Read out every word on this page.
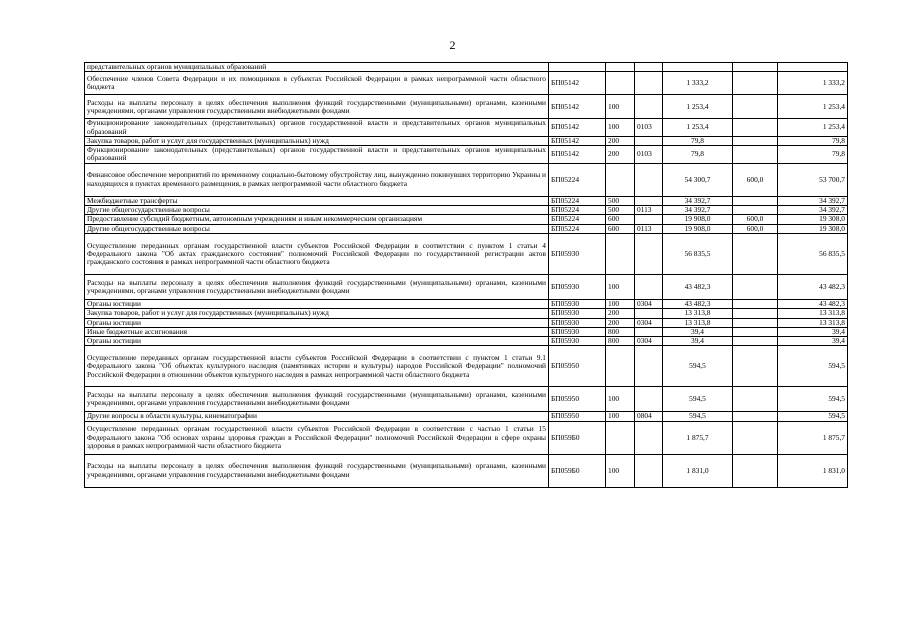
2
представительных органов муниципальных образований						
Обеспечение членов Совета Федерации и их помощников в субъектах Российской Федерации в рамках непрограммной части областного бюджета	БП05142			1 333,2		1 333,2
Расходы на выплаты персоналу в целях обеспечения выполнения функций государственными (муниципальными) органами, казенными учреждениями, органами управления государственными внебюджетными фондами	БП05142	100		1 253,4		1 253,4
Функционирование законодательных (представительных) органов государственной власти и представительных органов муниципальных образований	БП05142	100	0103	1 253,4		1 253,4
Закупка товаров, работ и услуг для государственных (муниципальных) нужд	БП05142	200		79,8		79,8
Функционирование законодательных (представительных) органов государственной власти и представительных органов муниципальных образований	БП05142	200	0103	79,8		79,8
Финансовое обеспечение мероприятий по временному социально-бытовому обустройству лиц, вынужденно покинувших территорию Украины и находящихся в пунктах временного размещения, в рамках непрограммной части областного бюджета	БП05224			54 300,7	600,0	53 700,7
Межбюджетные трансферты	БП05224	500		34 392,7		34 392,7
Другие общегосударственные вопросы	БП05224	500	0113	34 392,7		34 392,7
Предоставление субсидий бюджетным, автономным учреждениям и иным некоммерческим организациям	БП05224	600		19 908,0	600,0	19 308,0
Другие общегосударственные вопросы	БП05224	600	0113	19 908,0	600,0	19 308,0
Осуществление переданных органам государственной власти субъектов Российской Федерации в соответствии с пунктом 1 статьи 4 Федерального закона "Об актах гражданского состояния" полномочий Российской Федерации по государственной регистрации актов гражданского состояния в рамках непрограммной части областного бюджета	БП05930			56 835,5		56 835,5
Расходы на выплаты персоналу в целях обеспечения выполнения функций государственными (муниципальными) органами, казенными учреждениями, органами управления государственными внебюджетными фондами	БП05930	100		43 482,3		43 482,3
Органы юстиции	БП05930	100	0304	43 482,3		43 482,3
Закупка товаров, работ и услуг для государственных (муниципальных) нужд	БП05930	200		13 313,8		13 313,8
Органы юстиции	БП05930	200	0304	13 313,8		13 313,8
Иные бюджетные ассигнования	БП05930	800		39,4		39,4
Органы юстиции	БП05930	800	0304	39,4		39,4
Осуществление переданных органам государственной власти субъектов Российской Федерации в соответствии с пунктом 1 статьи 9.1 Федерального закона "Об объектах культурного наследия (памятниках истории и культуры) народов Российской Федерации" полномочий Российской Федерации в отношении объектов культурного наследия в рамках непрограммной части областного бюджета	БП05950			594,5		594,5
Расходы на выплаты персоналу в целях обеспечения выполнения функций государственными (муниципальными) органами, казенными учреждениями, органами управления государственными внебюджетными фондами	БП05950	100		594,5		594,5
Другие вопросы в области культуры, кинематографии	БП05950	100	0804	594,5		594,5
Осуществление переданных органам государственной власти субъектов Российской Федерации в соответствии с частью 1 статьи 15 Федерального закона "Об основах охраны здоровья граждан в Российской Федерации" полномочий Российской Федерации в сфере охраны здоровья в рамках непрограммной части областного бюджета	БП059Б0			1 875,7		1 875,7
Расходы на выплаты персоналу в целях обеспечения выполнения функций государственными (муниципальными) органами, казенными учреждениями, органами управления государственными внебюджетными фондами	БП059Б0	100		1 831,0		1 831,0
